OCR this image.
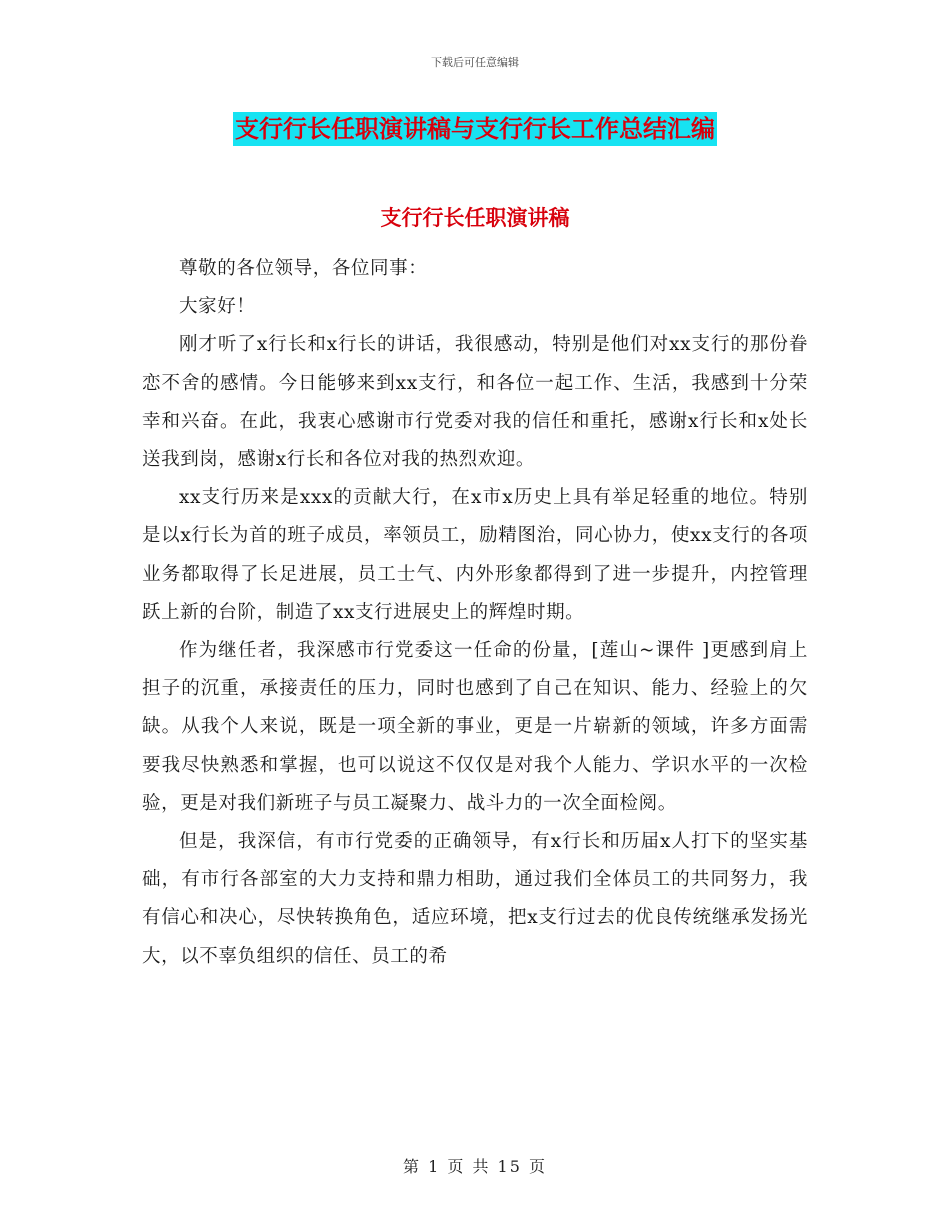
下载后可任意编辑
支行行长任职演讲稿与支行行长工作总结汇编
支行行长任职演讲稿

尊敬的各位领导，各位同事：

大家好！

刚才听了x行长和x行长的讲话，我很感动，特别是他们对xx支行的那份眷恋不舍的感情。今日能够来到xx支行，和各位一起工作、生活，我感到十分荣幸和兴奋。在此，我衷心感谢市行党委对我的信任和重托，感谢x行长和x处长送我到岗，感谢x行长和各位对我的热烈欢迎。

xx支行历来是xxx的贡献大行，在x市x历史上具有举足轻重的地位。特别是以x行长为首的班子成员，率领员工，励精图治，同心协力，使xx支行的各项业务都取得了长足进展，员工士气、内外形象都得到了进一步提升，内控管理跃上新的台阶，制造了xx支行进展史上的辉煌时期。

作为继任者，我深感市行党委这一任命的份量，[莲山~课件 ]更感到肩上担子的沉重，承接责任的压力，同时也感到了自己在知识、能力、经验上的欠缺。从我个人来说，既是一项全新的事业，更是一片崭新的领域，许多方面需要我尽快熟悉和掌握，也可以说这不仅仅是对我个人能力、学识水平的一次检验，更是对我们新班子与员工凝聚力、战斗力的一次全面检阅。

但是，我深信，有市行党委的正确领导，有x行长和历届x人打下的坚实基础，有市行各部室的大力支持和鼎力相助，通过我们全体员工的共同努力，我有信心和决心，尽快转换角色，适应环境，把x支行过去的优良传统继承发扬光大，以不辜负组织的信任、员工的希

第 1 页 共 15 页
